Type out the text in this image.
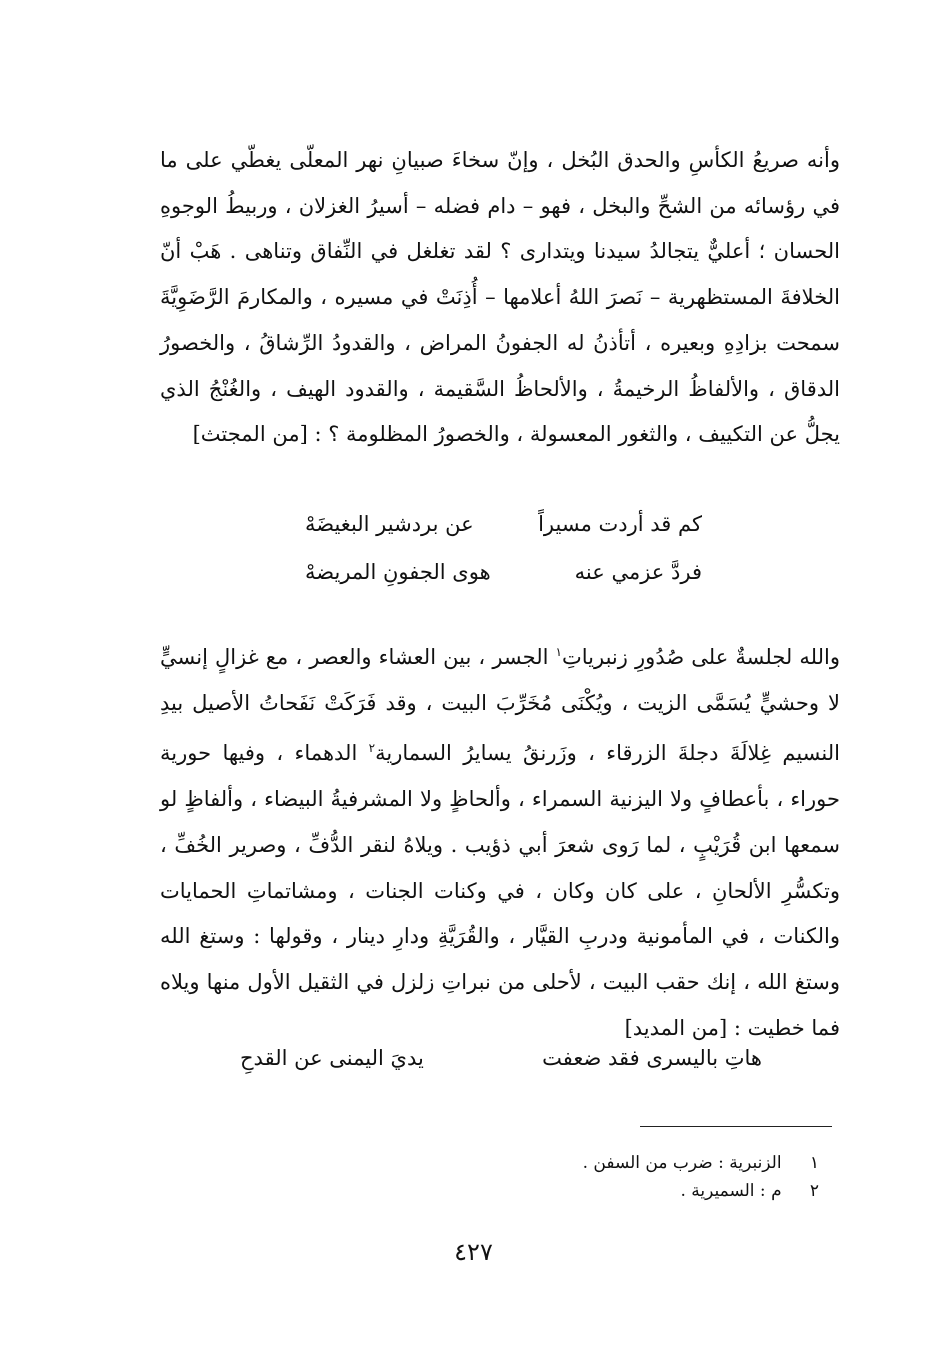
وأنه صريعُ الكأسِ والحدق البُخل ، وإنّ سخاءَ صبيانِ نهر المعلّى يغطّي على ما في رؤسائه من الشحِّ والبخل ، فهو – دام فضله – أسيرُ الغزلان ، وربيطُ الوجوهِ الحسان ؛ أعليٌّ يتجالدُ سيدنا ويتدارى ؟ لقد تغلغل في النِّفاق وتناهى . هَبْ أنّ الخلافةَ المستظهرية – نَصرَ اللهُ أعلامها – أُذِنَتْ في مسيره ، والمكارمَ الرَّضَوِيَّةَ سمحت بزادِهِ وبعيره ، أتأذنُ له الجفونُ المراض ، والقدودُ الرِّشاقُ ، والخصورُ الدقاق ، والألفاظُ الرخيمةُ ، والألحاظُ السَّقيمة ، والقدود الهيف ، والغُنْجُ الذي يجلُّ عن التكييف ، والثغور المعسولة ، والخصورُ المظلومة ؟ : [من المجتث]

كم قد أردت مسيراً
عن بردشير البغيضَهْ
فردَّ عزمي عنه
هوى الجفونِ المريضهْ

والله لجلسةٌ على صُدُورِ زنبرياتِ$^١$ الجسر ، بين العشاء والعصر ، مع غزالٍ إنسيٍّ لا وحشيٍّ يُسَمَّى الزيت ، ويُكْنَى مُخَرِّبَ البيت ، وقد فَرَكَتْ نَفَحاتُ الأصيل بيدِ النسيم غِلالَةَ دجلةَ الزرقاء ، وزَرنقُ يسايرُ السمارية$^٢$ الدهماء ، وفيها حورية حوراء ، بأعطافٍ ولا اليزنية السمراء ، وألحاظٍ ولا المشرفيةُ البيضاء ، وألفاظٍ لو سمعها ابن قُرَيْبٍ ، لما رَوى شعرَ أبي ذؤيب . ويلاهُ لنقر الدُّفِّ ، وصرير الخُفِّ ، وتكسُّرِ الألحانِ ، على كان وكان ، في وكنات الجنات ، ومشاتماتِ الحمايات والكنات ، في المأمونية ودربِ القيَّار ، والقُرَيَّةِ ودارِ دينار ، وقولها : وستغ الله وستغ الله ، إنك حقب البيت ، لأحلى من نبراتِ زلزل في الثقيل الأول منها ويلاه فما خطيت : [من المديد]

هاتِ باليسرى فقد ضعفت
يديَ اليمنى عن القدحِ
١ الزنبرية : ضرب من السفن .
٢ م : السميرية .
٤٢٧
